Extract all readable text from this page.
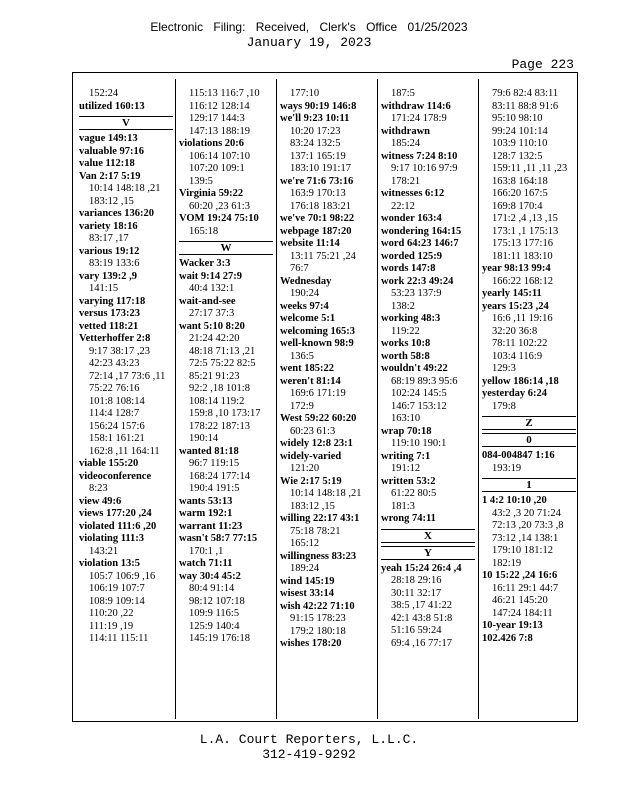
Electronic Filing: Received, Clerk's Office 01/25/2023
January 19, 2023
Page 223
152:24
utilized 160:13
V
vague 149:13
valuable 97:16
value 112:18
Van 2:17 5:19
10:14 148:18 ,21
183:12 ,15
variances 136:20
variety 18:16
83:17 ,17
various 19:12
83:19 133:6
vary 139:2 ,9
141:15
varying 117:18
versus 173:23
vetted 118:21
Vetterhoffer 2:8
9:17 38:17 ,23
42:23 43:23
72:14 ,17 73:6 ,11
75:22 76:16
101:8 108:14
114:4 128:7
156:24 157:6
158:1 161:21
162:8 ,11 164:11
viable 155:20
videoconference
8:23
view 49:6
views 177:20 ,24
violated 111:6 ,20
violating 111:3
143:21
violation 13:5
105:7 106:9 ,16
106:19 107:7
108:9 109:14
110:20 ,22
111:19 ,19
114:11 115:11
115:13 116:7 ,10
116:12 128:14
129:17 144:3
147:13 188:19
violations 20:6
106:14 107:10
107:20 109:1
139:5
Virginia 59:22
60:20 ,23 61:3
VOM 19:24 75:10
165:18
W
Wacker 3:3
wait 9:14 27:9
40:4 132:1
wait-and-see
27:17 37:3
want 5:10 8:20
21:24 42:20
48:18 71:13 ,21
72:5 75:22 82:5
85:21 91:23
92:2 ,18 101:8
108:14 119:2
159:8 ,10 173:17
178:22 187:13
190:14
wanted 81:18
96:7 119:15
168:24 177:14
190:4 191:5
wants 53:13
warm 192:1
warrant 11:23
wasn't 58:7 77:15
170:1 ,1
watch 71:11
way 30:4 45:2
80:4 91:14
98:12 107:18
109:9 116:5
125:9 140:4
145:19 176:18
177:10
ways 90:19 146:8
we'll 9:23 10:11
10:20 17:23
83:24 132:5
137:1 165:19
183:10 191:17
we're 71:6 73:16
163:9 170:13
176:18 183:21
we've 70:1 98:22
webpage 187:20
website 11:14
13:11 75:21 ,24
76:7
Wednesday
190:24
weeks 97:4
welcome 5:1
welcoming 165:3
well-known 98:9
136:5
went 185:22
weren't 81:14
169:6 171:19
172:9
West 59:22 60:20
60:23 61:3
widely 12:8 23:1
widely-varied
121:20
Wie 2:17 5:19
10:14 148:18 ,21
183:12 ,15
willing 22:17 43:1
75:18 78:21
165:12
willingness 83:23
189:24
wind 145:19
wisest 33:14
wish 42:22 71:10
91:15 178:23
179:2 180:18
wishes 178:20
187:5
withdraw 114:6
171:24 178:9
withdrawn
185:24
witness 7:24 8:10
9:17 10:16 97:9
178:21
witnesses 6:12
22:12
wonder 163:4
wondering 164:15
word 64:23 146:7
worded 125:9
words 147:8
work 22:3 49:24
53:23 137:9
138:2
working 48:3
119:22
works 10:8
worth 58:8
wouldn't 49:22
68:19 89:3 95:6
102:24 145:5
146:7 153:12
163:10
wrap 70:18
119:10 190:1
writing 7:1
191:12
written 53:2
61:22 80:5
181:3
wrong 74:11
X
Y
yeah 15:24 26:4 ,4
28:18 29:16
30:11 32:17
38:5 ,17 41:22
42:1 43:8 51:8
51:16 59:24
69:4 ,16 77:17
79:6 82:4 83:11
83:11 88:8 91:6
95:10 98:10
99:24 101:14
103:9 110:10
128:7 132:5
159:11 ,11 ,11 ,23
163:8 164:18
166:20 167:5
169:8 170:4
171:2 ,4 ,13 ,15
173:1 ,1 175:13
175:13 177:16
181:11 183:10
year 98:13 99:4
166:22 168:12
yearly 145:11
years 15:23 ,24
16:6 ,11 19:16
32:20 36:8
78:11 102:22
103:4 116:9
129:3
yellow 186:14 ,18
yesterday 6:24
179:8
Z
0
084-004847 1:16
193:19
1
1 4:2 10:10 ,20
43:2 ,3 20 71:24
72:13 ,20 73:3 ,8
73:12 ,14 138:1
179:10 181:12
182:19
10 15:22 ,24 16:6
16:11 29:1 44:7
46:21 145:20
147:24 184:11
10-year 19:13
102.426 7:8
L.A. Court Reporters, L.L.C.
312-419-9292
